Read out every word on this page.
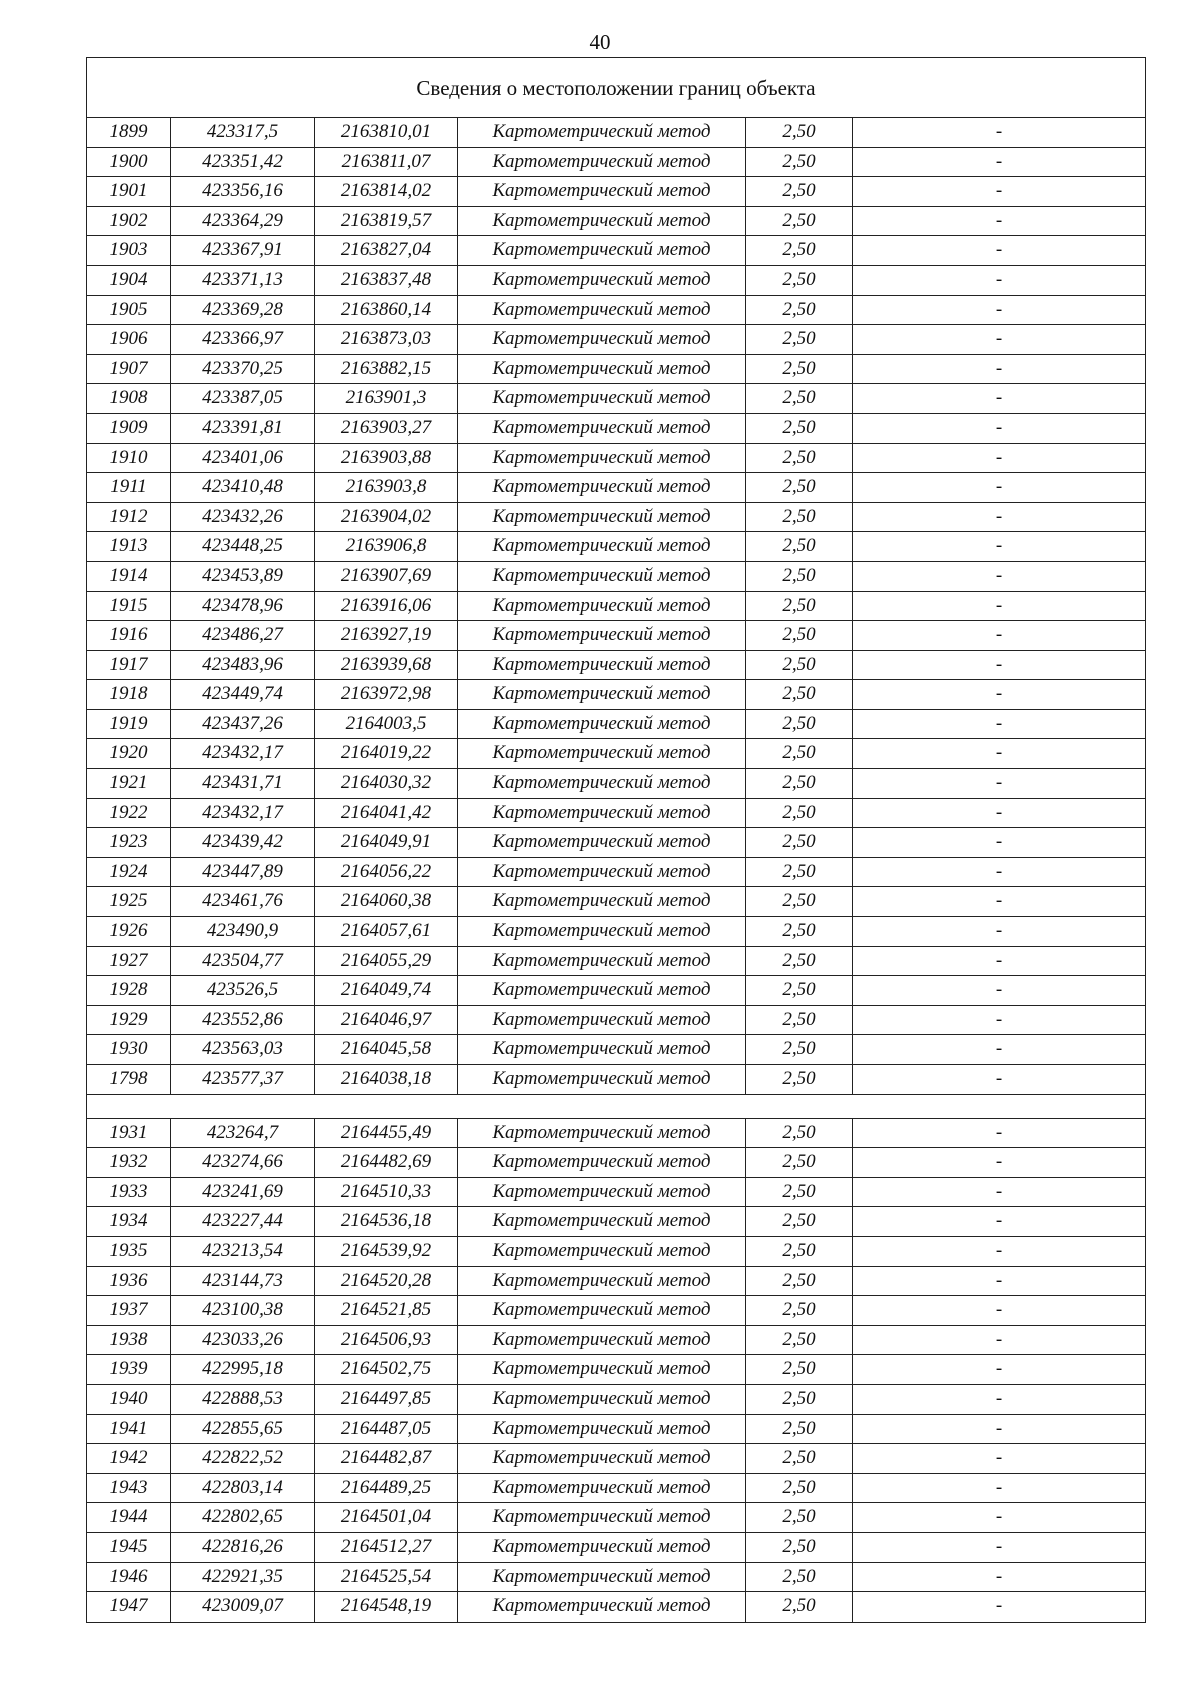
40
Сведения о местоположении границ объекта
1899	423317,5	2163810,01	Картометрический метод	2,50	-
1900	423351,42	2163811,07	Картометрический метод	2,50	-
1901	423356,16	2163814,02	Картометрический метод	2,50	-
1902	423364,29	2163819,57	Картометрический метод	2,50	-
1903	423367,91	2163827,04	Картометрический метод	2,50	-
1904	423371,13	2163837,48	Картометрический метод	2,50	-
1905	423369,28	2163860,14	Картометрический метод	2,50	-
1906	423366,97	2163873,03	Картометрический метод	2,50	-
1907	423370,25	2163882,15	Картометрический метод	2,50	-
1908	423387,05	2163901,3	Картометрический метод	2,50	-
1909	423391,81	2163903,27	Картометрический метод	2,50	-
1910	423401,06	2163903,88	Картометрический метод	2,50	-
1911	423410,48	2163903,8	Картометрический метод	2,50	-
1912	423432,26	2163904,02	Картометрический метод	2,50	-
1913	423448,25	2163906,8	Картометрический метод	2,50	-
1914	423453,89	2163907,69	Картометрический метод	2,50	-
1915	423478,96	2163916,06	Картометрический метод	2,50	-
1916	423486,27	2163927,19	Картометрический метод	2,50	-
1917	423483,96	2163939,68	Картометрический метод	2,50	-
1918	423449,74	2163972,98	Картометрический метод	2,50	-
1919	423437,26	2164003,5	Картометрический метод	2,50	-
1920	423432,17	2164019,22	Картометрический метод	2,50	-
1921	423431,71	2164030,32	Картометрический метод	2,50	-
1922	423432,17	2164041,42	Картометрический метод	2,50	-
1923	423439,42	2164049,91	Картометрический метод	2,50	-
1924	423447,89	2164056,22	Картометрический метод	2,50	-
1925	423461,76	2164060,38	Картометрический метод	2,50	-
1926	423490,9	2164057,61	Картометрический метод	2,50	-
1927	423504,77	2164055,29	Картометрический метод	2,50	-
1928	423526,5	2164049,74	Картометрический метод	2,50	-
1929	423552,86	2164046,97	Картометрический метод	2,50	-
1930	423563,03	2164045,58	Картометрический метод	2,50	-
1798	423577,37	2164038,18	Картометрический метод	2,50	-
1931	423264,7	2164455,49	Картометрический метод	2,50	-
1932	423274,66	2164482,69	Картометрический метод	2,50	-
1933	423241,69	2164510,33	Картометрический метод	2,50	-
1934	423227,44	2164536,18	Картометрический метод	2,50	-
1935	423213,54	2164539,92	Картометрический метод	2,50	-
1936	423144,73	2164520,28	Картометрический метод	2,50	-
1937	423100,38	2164521,85	Картометрический метод	2,50	-
1938	423033,26	2164506,93	Картометрический метод	2,50	-
1939	422995,18	2164502,75	Картометрический метод	2,50	-
1940	422888,53	2164497,85	Картометрический метод	2,50	-
1941	422855,65	2164487,05	Картометрический метод	2,50	-
1942	422822,52	2164482,87	Картометрический метод	2,50	-
1943	422803,14	2164489,25	Картометрический метод	2,50	-
1944	422802,65	2164501,04	Картометрический метод	2,50	-
1945	422816,26	2164512,27	Картометрический метод	2,50	-
1946	422921,35	2164525,54	Картометрический метод	2,50	-
1947	423009,07	2164548,19	Картометрический метод	2,50	-
